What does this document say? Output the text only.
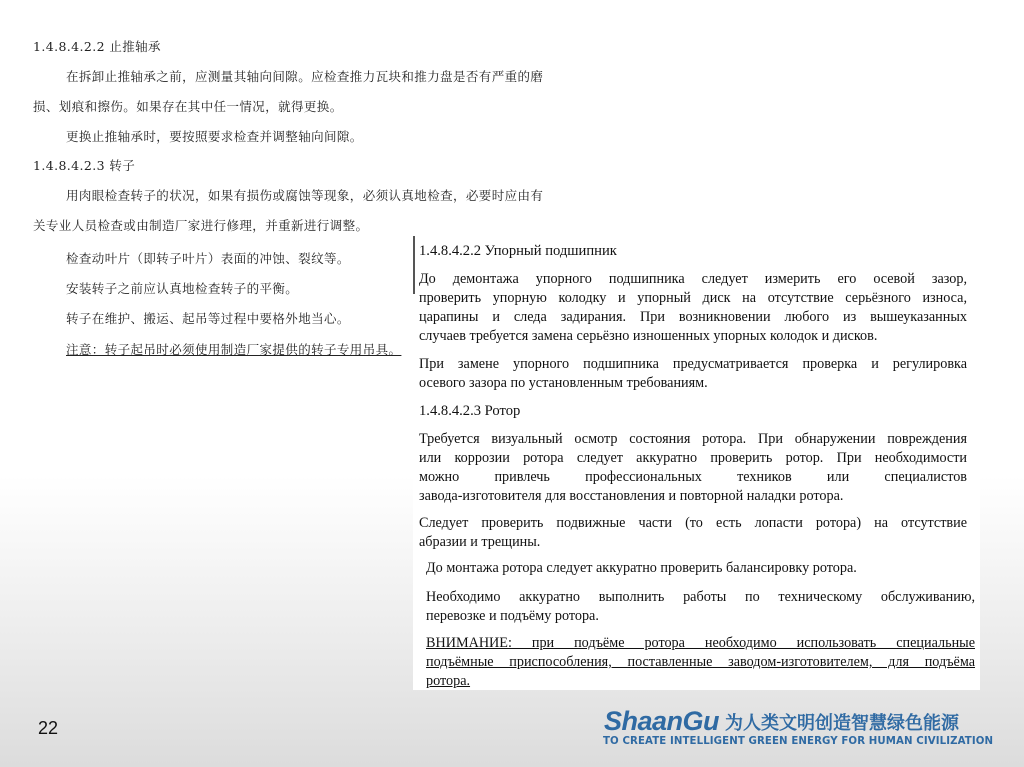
1.4.8.4.2.2 止推轴承
在拆卸止推轴承之前，应测量其轴向间隙。应检查推力瓦块和推力盘是否有严重的磨
损、划痕和擦伤。如果存在其中任一情况，就得更换。
更换止推轴承时，要按照要求检查并调整轴向间隙。
1.4.8.4.2.3 转子
用肉眼检查转子的状况，如果有损伤或腐蚀等现象，必须认真地检查，必要时应由有
关专业人员检查或由制造厂家进行修理，并重新进行调整。
检查动叶片（即转子叶片）表面的冲蚀、裂纹等。
安装转子之前应认真地检查转子的平衡。
转子在维护、搬运、起吊等过程中要格外地当心。
注意：转子起吊时必须使用制造厂家提供的转子专用吊具。
1.4.8.4.2.2 Упорный подшипник
До демонтажа упорного подшипника следует измерить его осевой зазор,
проверить упорную колодку и упорный диск на отсутствие серьёзного износа,
царапины и следа задирания. При возникновении любого из вышеуказанных
случаев требуется замена серьёзно изношенных упорных колодок и дисков.
При замене упорного подшипника предусматривается проверка и регулировка
осевого зазора по установленным требованиям.
1.4.8.4.2.3 Ротор
Требуется визуальный осмотр состояния ротора. При обнаружении повреждения
или коррозии ротора следует аккуратно проверить ротор. При необходимости
можно привлечь профессиональных техников или специалистов
завода-изготовителя для восстановления и повторной наладки ротора.
Следует проверить подвижные части (то есть лопасти ротора) на отсутствие
абразии и трещины.
До монтажа ротора следует аккуратно проверить балансировку ротора.
Необходимо аккуратно выполнить работы по техническому обслуживанию,
перевозке и подъёму ротора.
ВНИМАНИЕ: при подъёме ротора необходимо использовать специальные
подъёмные приспособления, поставленные заводом-изготовителем, для подъёма
ротора.
22	ShaanGu 为人类文明创造智慧绿色能源
TO CREATE INTELLIGENT GREEN ENERGY FOR HUMAN CIVILIZATION
